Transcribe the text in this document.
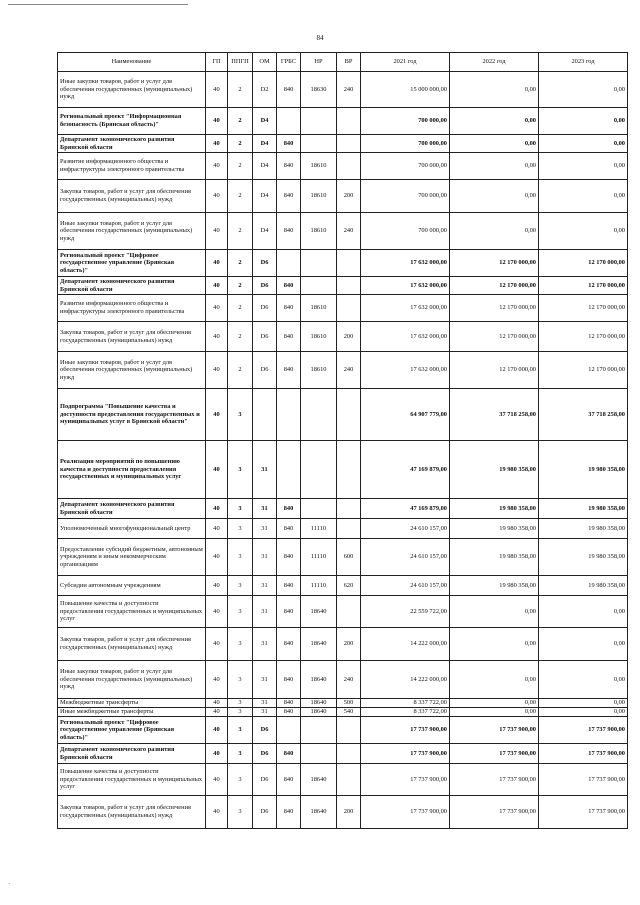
84
Наименование	ГП	ППГП	ОМ	ГРБС	НР	ВР	2021 год	2022 год	2023 год
Иные закупки товаров, работ и услуг для обеспечения государственных (муниципальных) нужд	40	2	D2	840	18630	240	15 000 000,00	0,00	0,00
Региональный проект "Информационная безопасность (Брянская область)"	40	2	D4				700 000,00	0,00	0,00
Департамент экономического развития Брянской области	40	2	D4	840			700 000,00	0,00	0,00
Развитие информационного общества и инфраструктуры электронного правительства	40	2	D4	840	18610		700 000,00	0,00	0,00
Закупка товаров, работ и услуг для обеспечения государственных (муниципальных) нужд	40	2	D4	840	18610	200	700 000,00	0,00	0,00
Иные закупки товаров, работ и услуг для обеспечения государственных (муниципальных) нужд	40	2	D4	840	18610	240	700 000,00	0,00	0,00
Региональный проект "Цифровое государственное управление (Брянская область)"	40	2	D6				17 632 000,00	12 170 000,00	12 170 000,00
Департамент экономического развития Брянской области	40	2	D6	840			17 632 000,00	12 170 000,00	12 170 000,00
Развитие информационного общества и инфраструктуры электронного правительства	40	2	D6	840	18610		17 632 000,00	12 170 000,00	12 170 000,00
Закупка товаров, работ и услуг для обеспечения государственных (муниципальных) нужд	40	2	D6	840	18610	200	17 632 000,00	12 170 000,00	12 170 000,00
Иные закупки товаров, работ и услуг для обеспечения государственных (муниципальных) нужд	40	2	D6	840	18610	240	17 632 000,00	12 170 000,00	12 170 000,00
Подпрограмма "Повышение качества и доступности предоставления государственных и муниципальных услуг в Брянской области"	40	3					64 907 779,00	37 718 258,00	37 718 258,00
Реализация мероприятий по повышению качества и доступности предоставления государственных и муниципальных услуг	40	3	31				47 169 879,00	19 980 358,00	19 980 358,00
Департамент экономического развития Брянской области	40	3	31	840			47 169 879,00	19 980 358,00	19 980 358,00
Уполномоченный многофункциональный центр	40	3	31	840	11110		24 610 157,00	19 980 358,00	19 980 358,00
Предоставление субсидий бюджетным, автономным учреждениям и иным некоммерческим организациям	40	3	31	840	11110	600	24 610 157,00	19 980 358,00	19 980 358,00
Субсидии автономным учреждениям	40	3	31	840	11110	620	24 610 157,00	19 980 358,00	19 980 358,00
Повышение качества и доступности предоставления государственных и муниципальных услуг	40	3	31	840	18640		22 559 722,00	0,00	0,00
Закупка товаров, работ и услуг для обеспечения государственных (муниципальных) нужд	40	3	31	840	18640	200	14 222 000,00	0,00	0,00
Иные закупки товаров, работ и услуг для обеспечения государственных (муниципальных) нужд	40	3	31	840	18640	240	14 222 000,00	0,00	0,00
Межбюджетные трансферты	40	3	31	840	18640	500	8 337 722,00	0,00	0,00
Иные межбюджетные трансферты	40	3	31	840	18640	540	8 337 722,00	0,00	0,00
Региональный проект "Цифровое государственное управление (Брянская область)"	40	3	D6				17 737 900,00	17 737 900,00	17 737 900,00
Департамент экономического развития Брянской области	40	3	D6	840			17 737 900,00	17 737 900,00	17 737 900,00
Повышение качества и доступности предоставления государственных и муниципальных услуг	40	3	D6	840	18640		17 737 900,00	17 737 900,00	17 737 900,00
Закупка товаров, работ и услуг для обеспечения государственных (муниципальных) нужд	40	3	D6	840	18640	200	17 737 900,00	17 737 900,00	17 737 900,00
·
